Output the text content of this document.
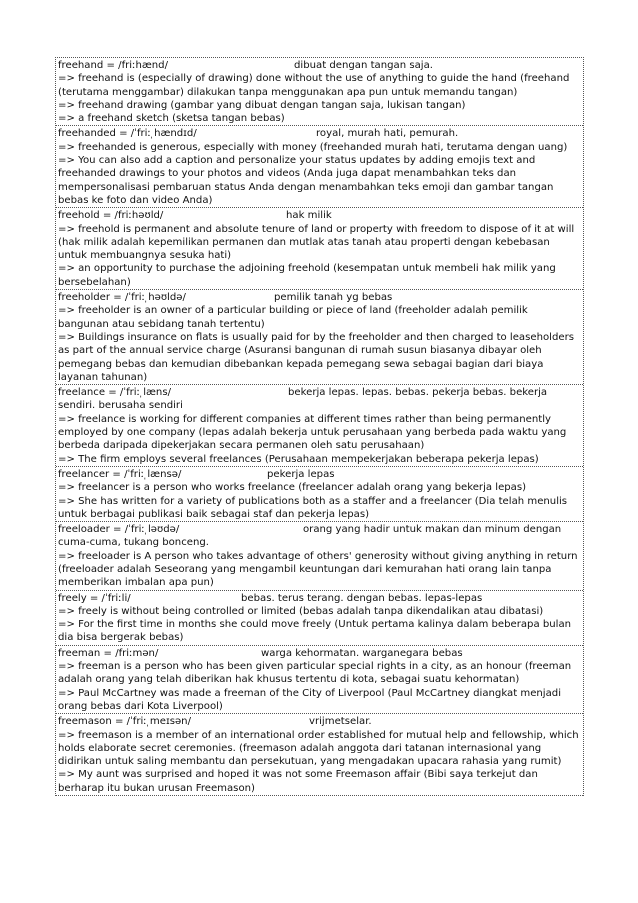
freehand = /friːhænd/	dibuat dengan tangan saja.
=> freehand is (especially of drawing) done without the use of anything to guide the hand (freehand (terutama menggambar) dilakukan tanpa menggunakan apa pun untuk memandu tangan)
=> freehand drawing (gambar yang dibuat dengan tangan saja, lukisan tangan)
=> a freehand sketch (sketsa tangan bebas)
freehanded = /ˈfriː ̩hændɪd/	royal, murah hati, pemurah.
=> freehanded is generous, especially with money (freehanded murah hati, terutama dengan uang)
=> You can also add a caption and personalize your status updates by adding emojis text and freehanded drawings to your photos and videos (Anda juga dapat menambahkan teks dan mempersonalisasi pembaruan status Anda dengan menambahkan teks emoji dan gambar tangan bebas ke foto dan video Anda)
freehold = /friːhəʊld/	hak milik
=> freehold is permanent and absolute tenure of land or property with freedom to dispose of it at will (hak milik adalah kepemilikan permanen dan mutlak atas tanah atau properti dengan kebebasan untuk membuangnya sesuka hati)
=> an opportunity to purchase the adjoining freehold (kesempatan untuk membeli hak milik yang bersebelahan)
freeholder = /ˈfriː ̩həʊldə/	pemilik tanah yg bebas
=> freeholder is an owner of a particular building or piece of land (freeholder adalah pemilik bangunan atau sebidang tanah tertentu)
=> Buildings insurance on flats is usually paid for by the freeholder and then charged to leaseholders as part of the annual service charge (Asuransi bangunan di rumah susun biasanya dibayar oleh pemegang bebas dan kemudian dibebankan kepada pemegang sewa sebagai bagian dari biaya layanan tahunan)
freelance = /ˈfriː ̩læns/	bekerja lepas. lepas. bebas. pekerja bebas. bekerja sendiri. berusaha sendiri
=> freelance is working for different companies at different times rather than being permanently employed by one company (lepas adalah bekerja untuk perusahaan yang berbeda pada waktu yang berbeda daripada dipekerjakan secara permanen oleh satu perusahaan)
=> The firm employs several freelances (Perusahaan mempekerjakan beberapa pekerja lepas)
freelancer = /ˈfriː ̩lænsə/	pekerja lepas
=> freelancer is a person who works freelance (freelancer adalah orang yang bekerja lepas)
=> She has written for a variety of publications both as a staffer and a freelancer (Dia telah menulis untuk berbagai publikasi baik sebagai staf dan pekerja lepas)
freeloader = /ˈfriː ̩ləʊdə/	orang yang hadir untuk makan dan minum dengan cuma-cuma, tukang bonceng.
=> freeloader is A person who takes advantage of others' generosity without giving anything in return (freeloader adalah Seseorang yang mengambil keuntungan dari kemurahan hati orang lain tanpa memberikan imbalan apa pun)
freely = /ˈfriːli/	bebas. terus terang. dengan bebas. lepas-lepas
=> freely is without being controlled or limited (bebas adalah tanpa dikendalikan atau dibatasi)
=> For the first time in months she could move freely (Untuk pertama kalinya dalam beberapa bulan dia bisa bergerak bebas)
freeman = /friːmən/	warga kehormatan. warganegara bebas
=> freeman is a person who has been given particular special rights in a city, as an honour (freeman adalah orang yang telah diberikan hak khusus tertentu di kota, sebagai suatu kehormatan)
=> Paul McCartney was made a freeman of the City of Liverpool (Paul McCartney diangkat menjadi orang bebas dari Kota Liverpool)
freemason = /ˈfriː ̩meɪsən/	vrijmetselar.
=> freemason is a member of an international order established for mutual help and fellowship, which holds elaborate secret ceremonies. (freemason adalah anggota dari tatanan internasional yang didirikan untuk saling membantu dan persekutuan, yang mengadakan upacara rahasia yang rumit)
=> My aunt was surprised and hoped it was not some Freemason affair (Bibi saya terkejut dan berharap itu bukan urusan Freemason)
